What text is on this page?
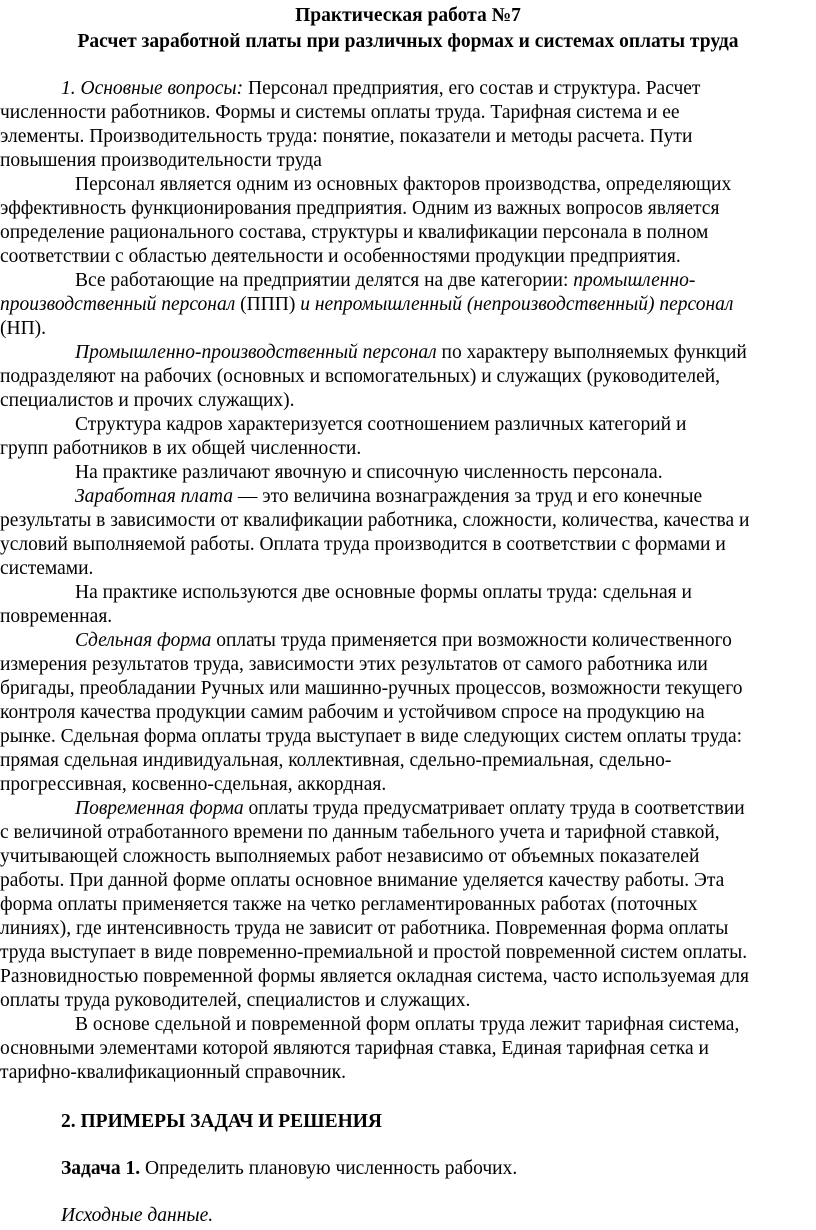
Практическая работа №7
Расчет заработной платы при различных формах и системах оплаты труда
1. Основные вопросы: Персонал предприятия, его состав и структура. Расчет
численности работников. Формы и системы оплаты труда. Тарифная система и ее
элементы. Производительность труда: понятие, показатели и методы расчета. Пути
повышения производительности труда
Персонал является одним из основных факторов производства, определяющих
эффективность функционирования предприятия. Одним из важных вопросов является
определение рационального состава, структуры и квалификации персонала в полном
соответствии с областью деятельности и особенностями продукции предприятия.
Все работающие на предприятии делятся на две категории: промышленно-
производственный персонал (ППП) и непромышленный (непроизводственный) персонал
(НП).
Промышленно-производственный персонал по характеру выполняемых функций
подразделяют на рабочих (основных и вспомогательных) и служащих (руководителей,
специалистов и прочих служащих).
Структура кадров характеризуется соотношением различных категорий и
групп работников в их общей численности.
На практике различают явочную и списочную численность персонала.
Заработная плата — это величина вознаграждения за труд и его конечные
результаты в зависимости от квалификации работника, сложности, количества, качества и
условий выполняемой работы. Оплата труда производится в соответствии с формами и
системами.
На практике используются две основные формы оплаты труда: сдельная и
повременная.
Сдельная форма оплаты труда применяется при возможности количественного
измерения результатов труда, зависимости этих результатов от самого работника или
бригады, преобладании Ручных или машинно-ручных процессов, возможности текущего
контроля качества продукции самим рабочим и устойчивом спросе на продукцию на
рынке. Сдельная форма оплаты труда выступает в виде следующих систем оплаты труда:
прямая сдельная индивидуальная, коллективная, сдельно-премиальная, сдельно-
прогрессивная, косвенно-сдельная, аккордная.
Повременная форма оплаты труда предусматривает оплату труда в соответствии
с величиной отработанного времени по данным табельного учета и тарифной ставкой,
учитывающей сложность выполняемых работ независимо от объемных показателей
работы. При данной форме оплаты основное внимание уделяется качеству работы. Эта
форма оплаты применяется также на четко регламентированных работах (поточных
линиях), где интенсивность труда не зависит от работника. Повременная форма оплаты
труда выступает в виде повременно-премиальной и простой повременной систем оплаты.
Разновидностью повременной формы является окладная система, часто используемая для
оплаты труда руководителей, специалистов и служащих.
В основе сдельной и повременной форм оплаты труда лежит тарифная система,
основными элементами которой являются тарифная ставка, Единая тарифная сетка и
тарифно-квалификационный справочник.
2. ПРИМЕРЫ ЗАДАЧ И РЕШЕНИЯ
Задача 1. Определить плановую численность рабочих.
Исходные данные.
